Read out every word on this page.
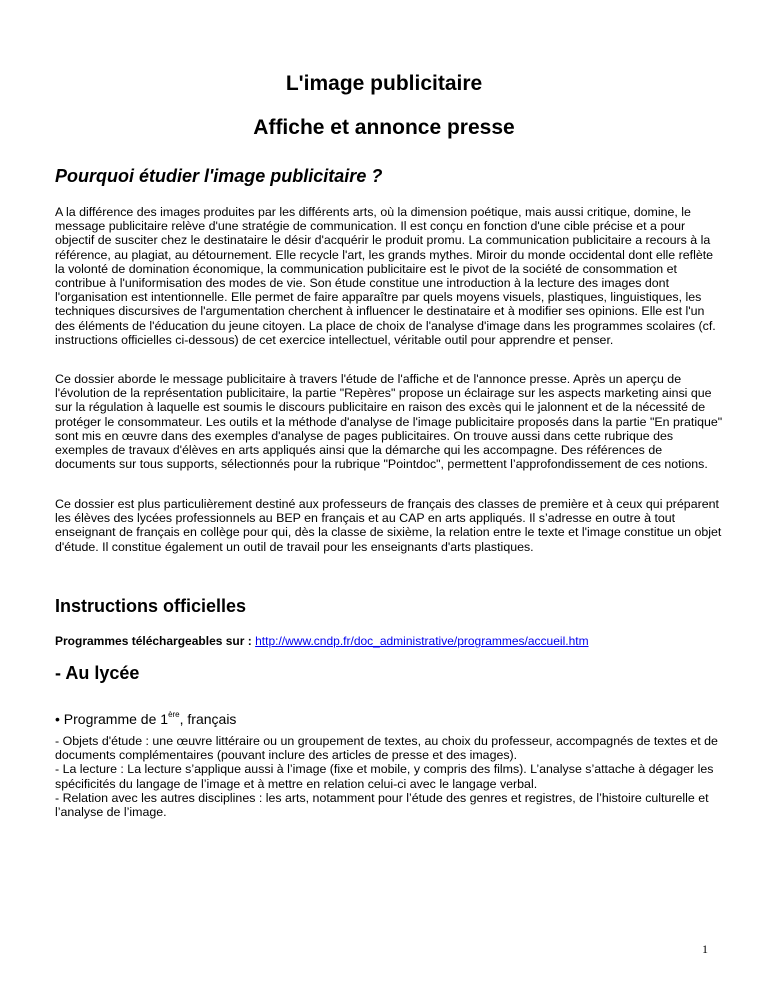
L'image publicitaire
Affiche et annonce presse
Pourquoi étudier l'image publicitaire ?

A la différence des images produites par les différents arts, où la dimension poétique, mais aussi critique, domine, le message publicitaire relève d'une stratégie de communication. Il est conçu en fonction d'une cible précise et a pour objectif de susciter chez le destinataire le désir d'acquérir le produit promu. La communication publicitaire a recours à la référence, au plagiat, au détournement. Elle recycle l'art, les grands mythes. Miroir du monde occidental dont elle reflète la volonté de domination économique, la communication publicitaire est le pivot de la société de consommation et contribue à l'uniformisation des modes de vie. Son étude constitue une introduction à la lecture des images dont l'organisation est intentionnelle. Elle permet de faire apparaître par quels moyens visuels, plastiques, linguistiques, les techniques discursives de l'argumentation cherchent à influencer le destinataire et à modifier ses opinions. Elle est l'un des éléments de l'éducation du jeune citoyen. La place de choix de l'analyse d'image dans les programmes scolaires (cf. instructions officielles ci-dessous) de cet exercice intellectuel, véritable outil pour apprendre et penser.

Ce dossier aborde le message publicitaire à travers l'étude de l'affiche et de l'annonce presse. Après un aperçu de l'évolution de la représentation publicitaire, la partie "Repères" propose un éclairage sur les aspects marketing ainsi que sur la régulation à laquelle est soumis le discours publicitaire en raison des excès qui le jalonnent et de la nécessité de protéger le consommateur. Les outils et la méthode d'analyse de l'image publicitaire proposés dans la partie "En pratique" sont mis en œuvre dans des exemples d'analyse de pages publicitaires. On trouve aussi dans cette rubrique des exemples de travaux d'élèves en arts appliqués ainsi que la démarche qui les accompagne. Des références de documents sur tous supports, sélectionnés pour la rubrique "Pointdoc", permettent l’approfondissement de ces notions.

Ce dossier est plus particulièrement destiné aux professeurs de français des classes de première et à ceux qui préparent les élèves des lycées professionnels au BEP en français et au CAP en arts appliqués. Il s’adresse en outre à tout enseignant de français en collège pour qui, dès la classe de sixième, la relation entre le texte et l'image constitue un objet d'étude. Il constitue également un outil de travail pour les enseignants d'arts plastiques.

Instructions officielles

Programmes téléchargeables sur : http://www.cndp.fr/doc_administrative/programmes/accueil.htm

- Au lycée

• Programme de 1ère, français

- Objets d'étude : une œuvre littéraire ou un groupement de textes, au choix du professeur, accompagnés de textes et de documents complémentaires (pouvant inclure des articles de presse et des images).
- La lecture : La lecture s’applique aussi à l’image (fixe et mobile, y compris des films). L’analyse s’attache à dégager les spécificités du langage de l’image et à mettre en relation celui-ci avec le langage verbal.
- Relation avec les autres disciplines : les arts, notamment pour l’étude des genres et registres, de l’histoire culturelle et l’analyse de l’image.

1
